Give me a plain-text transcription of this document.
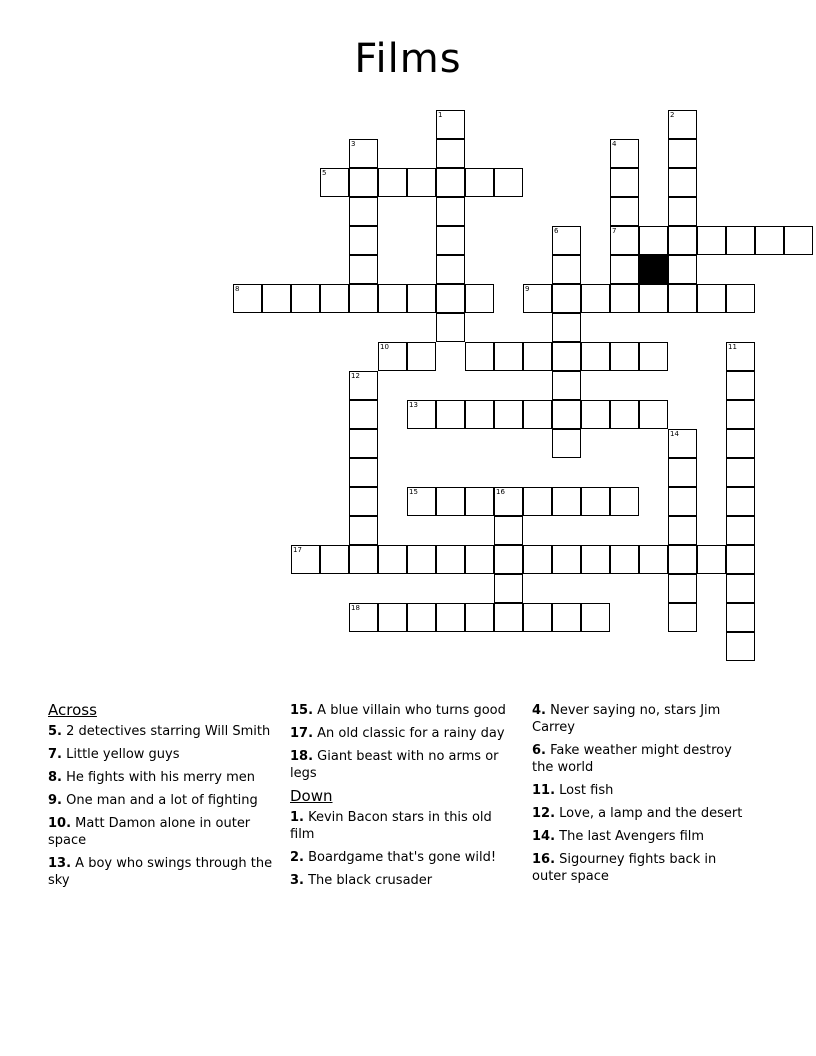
Films
1	2
3	4
7
5
6
8	9
10	11
12
13
14
15	16
17
18
Across
5. 2 detectives starring Will Smith
7. Little yellow guys
8. He fights with his merry men
9. One man and a lot of fighting
10. Matt Damon alone in outer space
13. A boy who swings through the sky
15. A blue villain who turns good
17. An old classic for a rainy day
18. Giant beast with no arms or legs
Down
1. Kevin Bacon stars in this old film
2. Boardgame that's gone wild!
3. The black crusader
4. Never saying no, stars Jim Carrey
6. Fake weather might destroy the world
11. Lost fish
12. Love, a lamp and the desert
14. The last Avengers film
16. Sigourney fights back in outer space
